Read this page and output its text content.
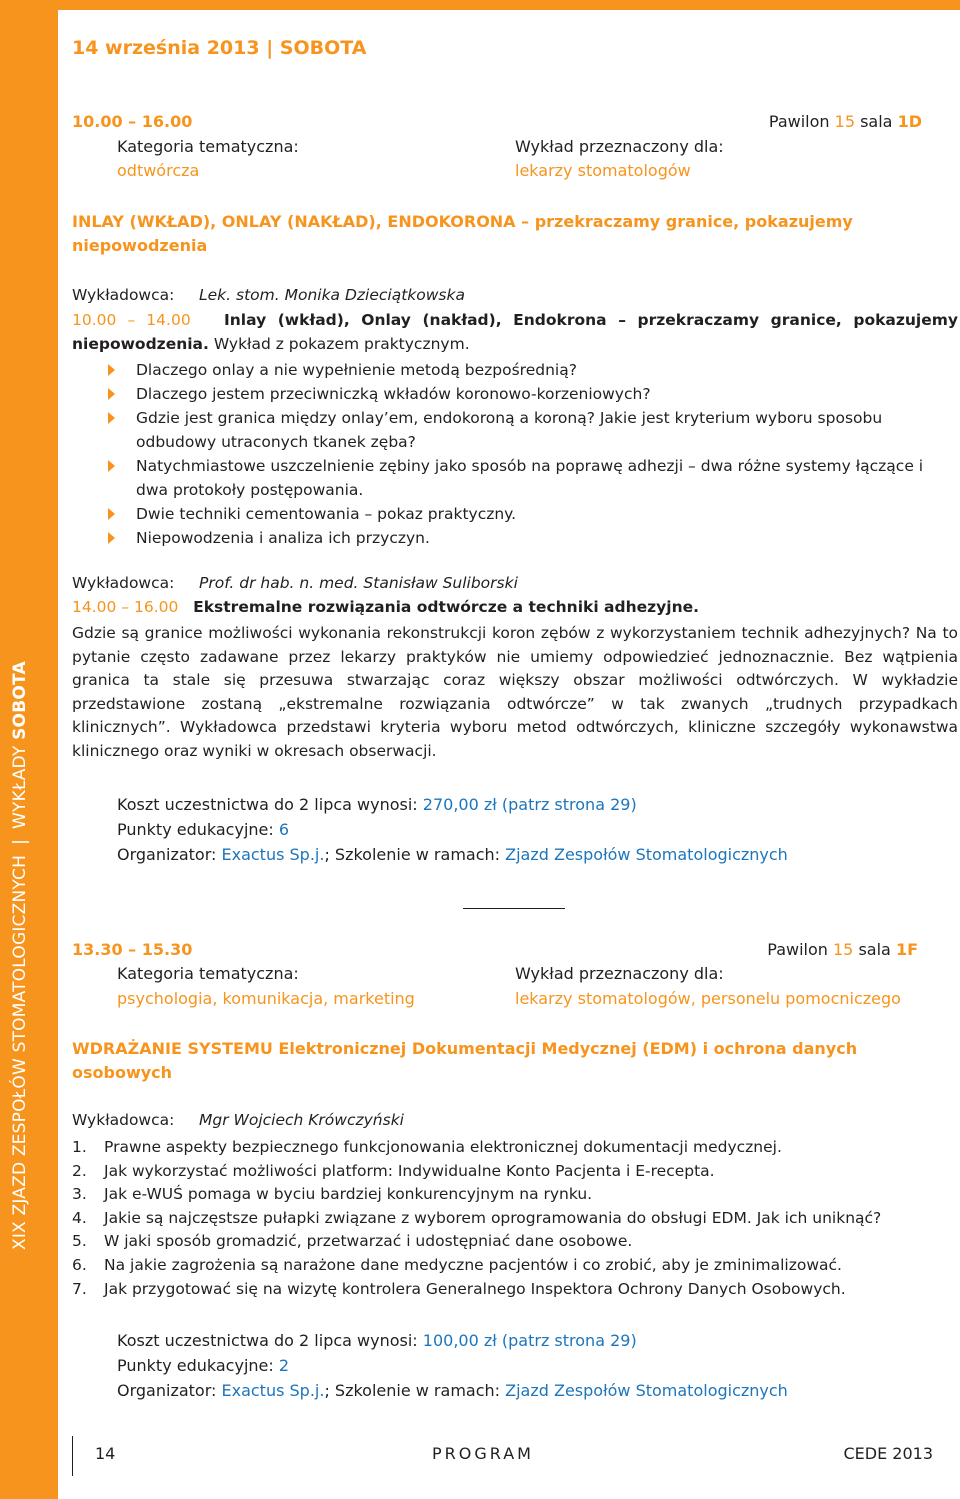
XIX ZJAZD ZESPOŁÓW STOMATOLOGICZNYCH|WYKŁADY SOBOTA
14 września 2013 | SOBOTA
10.00 – 16.00	Pawilon 15 sala 1D
Kategoria tematyczna:	Wykład przeznaczony dla:
odtwórcza	lekarzy stomatologów
INLAY (WKŁAD), ONLAY (NAKŁAD), ENDOKORONA – przekraczamy granice, pokazujemy niepowodzenia
Wykładowca: Lek. stom. Monika Dzieciątkowska
10.00 – 14.00 Inlay (wkład), Onlay (nakład), Endokrona – przekraczamy granice, pokazujemy niepowodzenia. Wykład z pokazem praktycznym.
Dlaczego onlay a nie wypełnienie metodą bezpośrednią?
Dlaczego jestem przeciwniczką wkładów koronowo-korzeniowych?
Gdzie jest granica między onlay’em, endokoroną a koroną? Jakie jest kryterium wyboru sposobu odbudowy utraconych tkanek zęba?
Natychmiastowe uszczelnienie zębiny jako sposób na poprawę adhezji – dwa różne systemy łączące i dwa protokoły postępowania.
Dwie techniki cementowania – pokaz praktyczny.
Niepowodzenia i analiza ich przyczyn.
Wykładowca: Prof. dr hab. n. med. Stanisław Suliborski
14.00 – 16.00 Ekstremalne rozwiązania odtwórcze a techniki adhezyjne.
Gdzie są granice możliwości wykonania rekonstrukcji koron zębów z wykorzystaniem technik adhezyjnych? Na to pytanie często zadawane przez lekarzy praktyków nie umiemy odpowiedzieć jednoznacznie. Bez wątpienia granica ta stale się przesuwa stwarzając coraz większy obszar możliwości odtwórczych. W wykładzie przedstawione zostaną „ekstremalne rozwiązania odtwórcze” w tak zwanych „trudnych przypadkach klinicznych”. Wykładowca przedstawi kryteria wyboru metod odtwórczych, kliniczne szczegóły wykonawstwa klinicznego oraz wyniki w okresach obserwacji.
Koszt uczestnictwa do 2 lipca wynosi: 270,00 zł (patrz strona 29)
Punkty edukacyjne: 6
Organizator: Exactus Sp.j.; Szkolenie w ramach: Zjazd Zespołów Stomatologicznych
13.30 – 15.30	Pawilon 15 sala 1F
Kategoria tematyczna:	Wykład przeznaczony dla:
psychologia, komunikacja, marketing	lekarzy stomatologów, personelu pomocniczego
WDRAŻANIE SYSTEMU Elektronicznej Dokumentacji Medycznej (EDM) i ochrona danych osobowych
Wykładowca: Mgr Wojciech Krówczyński
1. Prawne aspekty bezpiecznego funkcjonowania elektronicznej dokumentacji medycznej.
2. Jak wykorzystać możliwości platform: Indywidualne Konto Pacjenta i E-recepta.
3. Jak e-WUŚ pomaga w byciu bardziej konkurencyjnym na rynku.
4. Jakie są najczęstsze pułapki związane z wyborem oprogramowania do obsługi EDM. Jak ich uniknąć?
5. W jaki sposób gromadzić, przetwarzać i udostępniać dane osobowe.
6. Na jakie zagrożenia są narażone dane medyczne pacjentów i co zrobić, aby je zminimalizować.
7. Jak przygotować się na wizytę kontrolera Generalnego Inspektora Ochrony Danych Osobowych.
Koszt uczestnictwa do 2 lipca wynosi: 100,00 zł (patrz strona 29)
Punkty edukacyjne: 2
Organizator: Exactus Sp.j.; Szkolenie w ramach: Zjazd Zespołów Stomatologicznych
14	PROGRAM	CEDE 2013
